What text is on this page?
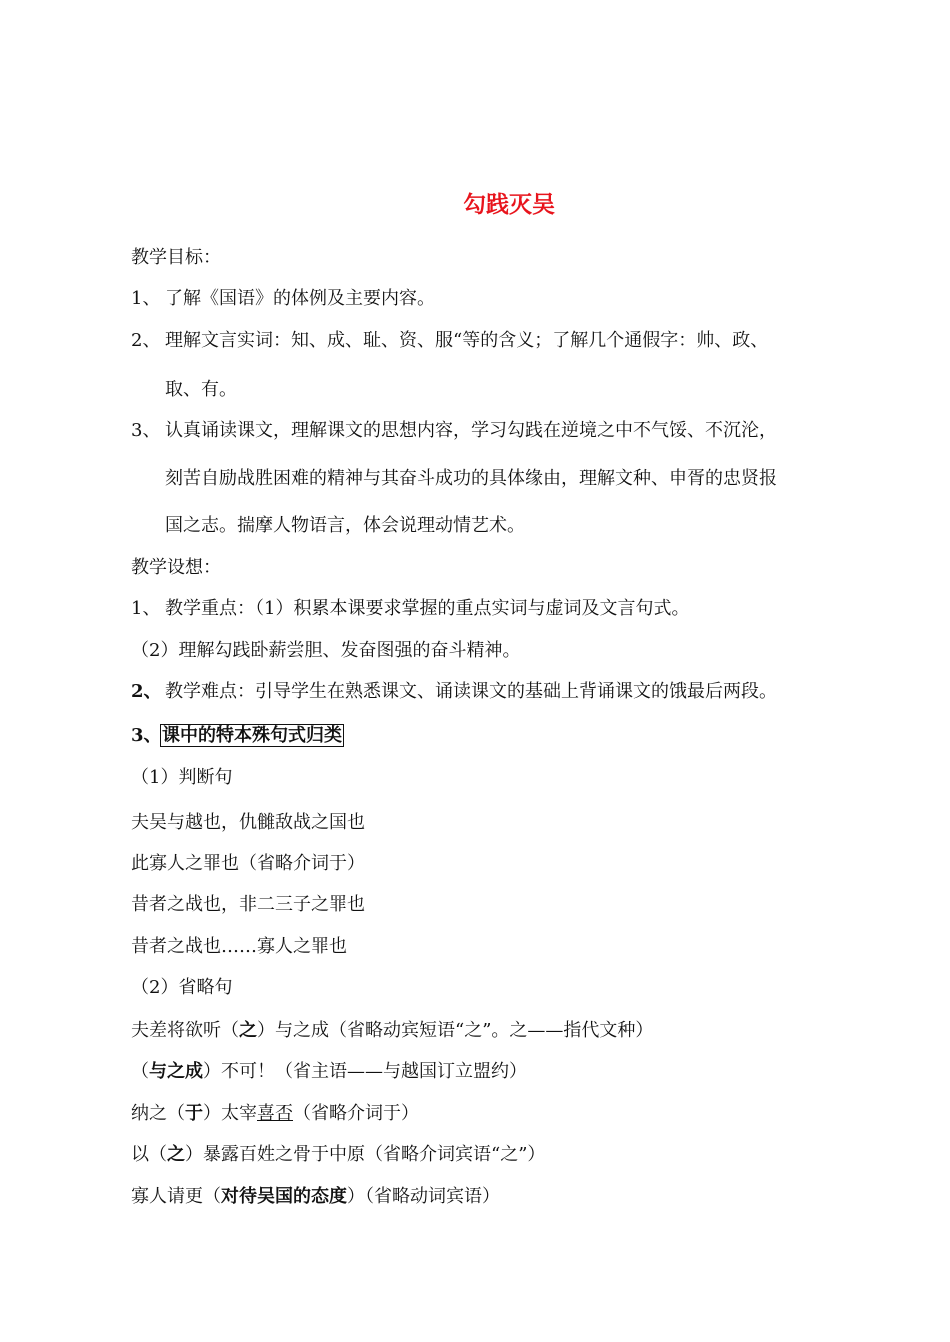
勾践灭吴
教学目标：
1、 了解《国语》的体例及主要内容。
2、 理解文言实词：知、成、耻、资、服“等的含义；了解几个通假字：帅、政、
取、有。
3、 认真诵读课文，理解课文的思想内容，学习勾践在逆境之中不气馁、不沉沦，
刻苦自励战胜困难的精神与其奋斗成功的具体缘由，理解文种、申胥的忠贤报
国之志。揣摩人物语言，体会说理动情艺术。
教学设想：
1、 教学重点：（1）积累本课要求掌握的重点实词与虚词及文言句式。
（2）理解勾践卧薪尝胆、发奋图强的奋斗精神。
2、 教学难点：引导学生在熟悉课文、诵读课文的基础上背诵课文的饿最后两段。
3、课中的特本殊句式归类
（1）判断句
夫吴与越也，仇雠敌战之国也
此寡人之罪也（省略介词于）
昔者之战也，非二三子之罪也
昔者之战也……寡人之罪也
（2）省略句
夫差将欲听（之）与之成（省略动宾短语“之”。之——指代文种）
（与之成）不可！（省主语——与越国订立盟约）
纳之（于）太宰喜否（省略介词于）
以（之）暴露百姓之骨于中原（省略介词宾语“之”）
寡人请更（对待吴国的态度）（省略动词宾语）
